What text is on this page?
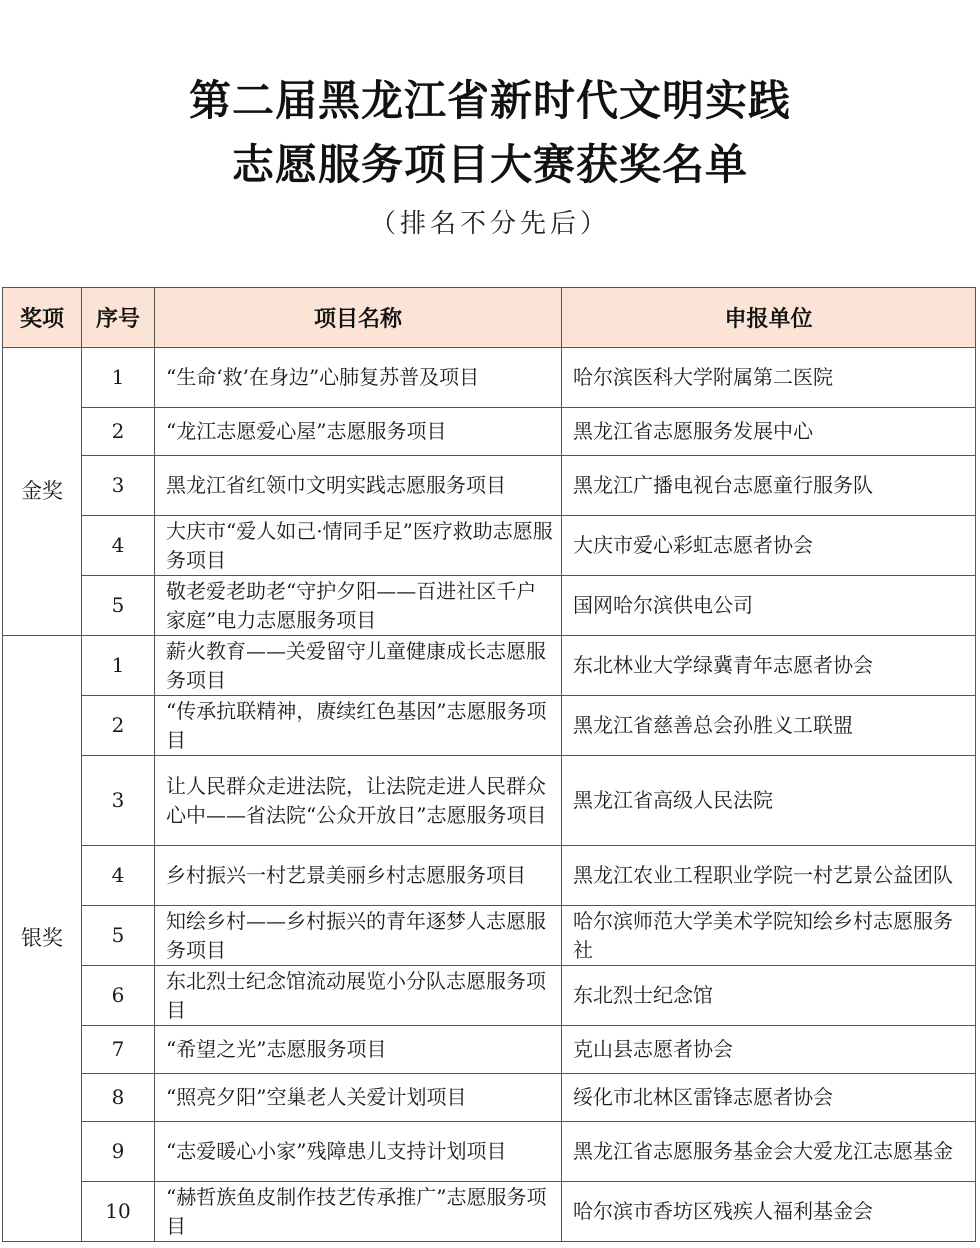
第二届黑龙江省新时代文明实践
志愿服务项目大赛获奖名单
（排名不分先后）
奖项	序号	项目名称	申报单位
金奖	1	“生命‘救’在身边”心肺复苏普及项目	哈尔滨医科大学附属第二医院
	2	“龙江志愿爱心屋”志愿服务项目	黑龙江省志愿服务发展中心
	3	黑龙江省红领巾文明实践志愿服务项目	黑龙江广播电视台志愿童行服务队
	4	大庆市“爱人如己·情同手足”医疗救助志愿服务项目	大庆市爱心彩虹志愿者协会
	5	敬老爱老助老“守护夕阳——百进社区千户家庭”电力志愿服务项目	国网哈尔滨供电公司
银奖	1	薪火教育——关爱留守儿童健康成长志愿服务项目	东北林业大学绿冀青年志愿者协会
	2	“传承抗联精神，赓续红色基因”志愿服务项目	黑龙江省慈善总会孙胜义工联盟
	3	让人民群众走进法院，让法院走进人民群众心中——省法院“公众开放日”志愿服务项目	黑龙江省高级人民法院
	4	乡村振兴一村艺景美丽乡村志愿服务项目	黑龙江农业工程职业学院一村艺景公益团队
	5	知绘乡村——乡村振兴的青年逐梦人志愿服务项目	哈尔滨师范大学美术学院知绘乡村志愿服务社
	6	东北烈士纪念馆流动展览小分队志愿服务项目	东北烈士纪念馆
	7	“希望之光”志愿服务项目	克山县志愿者协会
	8	“照亮夕阳”空巢老人关爱计划项目	绥化市北林区雷锋志愿者协会
	9	“志爱暖心小家”残障患儿支持计划项目	黑龙江省志愿服务基金会大爱龙江志愿基金
	10	“赫哲族鱼皮制作技艺传承推广”志愿服务项目	哈尔滨市香坊区残疾人福利基金会
